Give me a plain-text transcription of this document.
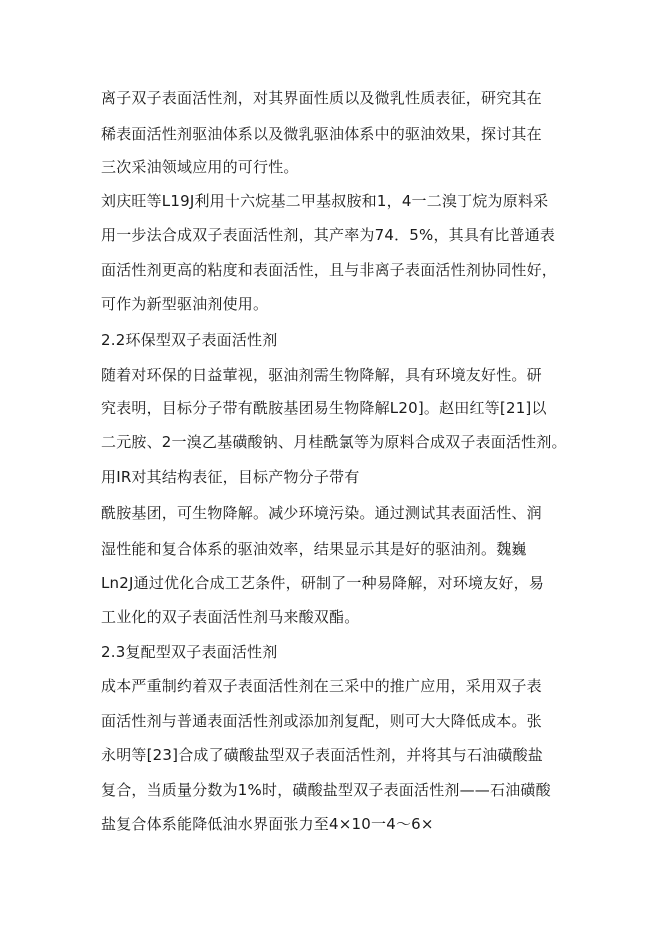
离子双子表面活性剂，对其界面性质以及微乳性质表征，研究其在
稀表面活性剂驱油体系以及微乳驱油体系中的驱油效果，探讨其在
三次采油领域应用的可行性。
刘庆旺等L19J利用十六烷基二甲基叔胺和1，4一二溴丁烷为原料采
用一步法合成双子表面活性剂，其产率为74．5%，其具有比普通表
面活性剂更高的粘度和表面活性，且与非离子表面活性剂协同性好，
可作为新型驱油剂使用。
2.2环保型双子表面活性剂
随着对环保的日益葷视，驱油剂需生物降解，具有环境友好性。研
究表明，目标分子带有酰胺基团易生物降解L20]。赵田红等[21]以
二元胺、2一溴乙基磺酸钠、月桂酰氯等为原料合成双子表面活性剂。
用IR对其结构表征，目标产物分子带有
酰胺基团，可生物降解。减少环境污染。通过测试其表面活性、润
湿性能和复合体系的驱油效率，结果显示其是好的驱油剂。魏巍
Ln2J通过优化合成工艺条件，研制了一种易降解，对环境友好，易
工业化的双子表面活性剂马来酸双酯。
2.3复配型双子表面活性剂
成本严重制约着双子表面活性剂在三采中的推广应用，采用双子表
面活性剂与普通表面活性剂或添加剂复配，则可大大降低成本。张
永明等[23]合成了磺酸盐型双子表面活性剂，并将其与石油磺酸盐
复合，当质量分数为1%时，磺酸盐型双子表面活性剂——石油磺酸
盐复合体系能降低油水界面张力至4×10一4～6×
